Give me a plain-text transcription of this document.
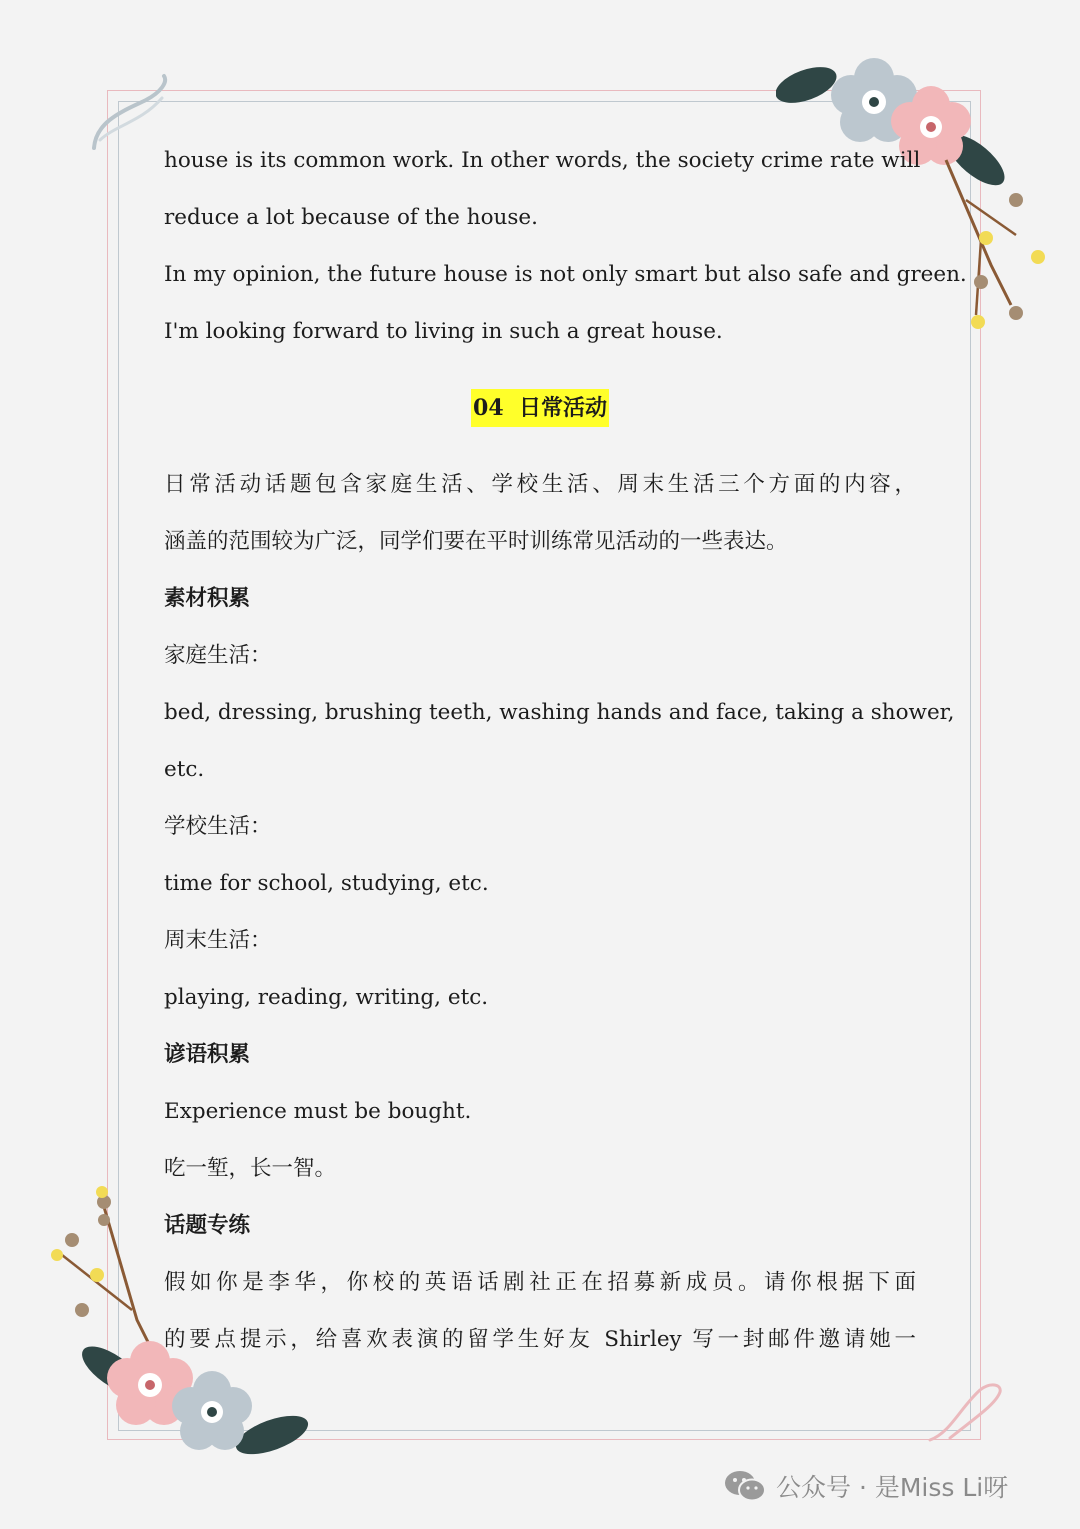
house is its common work. In other words, the society crime rate will
reduce a lot because of the house.
In my opinion, the future house is not only smart but also safe and green.
I'm looking forward to living in such a great house.
04  日常活动
日常活动话题包含家庭生活、学校生活、周末生活三个方面的内容，
涵盖的范围较为广泛，同学们要在平时训练常见活动的一些表达。
素材积累
家庭生活：
bed, dressing, brushing teeth, washing hands and face, taking a shower,
etc.
学校生活：
time for school, studying, etc.
周末生活：
playing, reading, writing, etc.
谚语积累
Experience must be bought.
吃一堑，长一智。
话题专练
假如你是李华，你校的英语话剧社正在招募新成员。请你根据下面
的要点提示，给喜欢表演的留学生好友 Shirley 写一封邮件邀请她一
公众号 · 是Miss Li呀
